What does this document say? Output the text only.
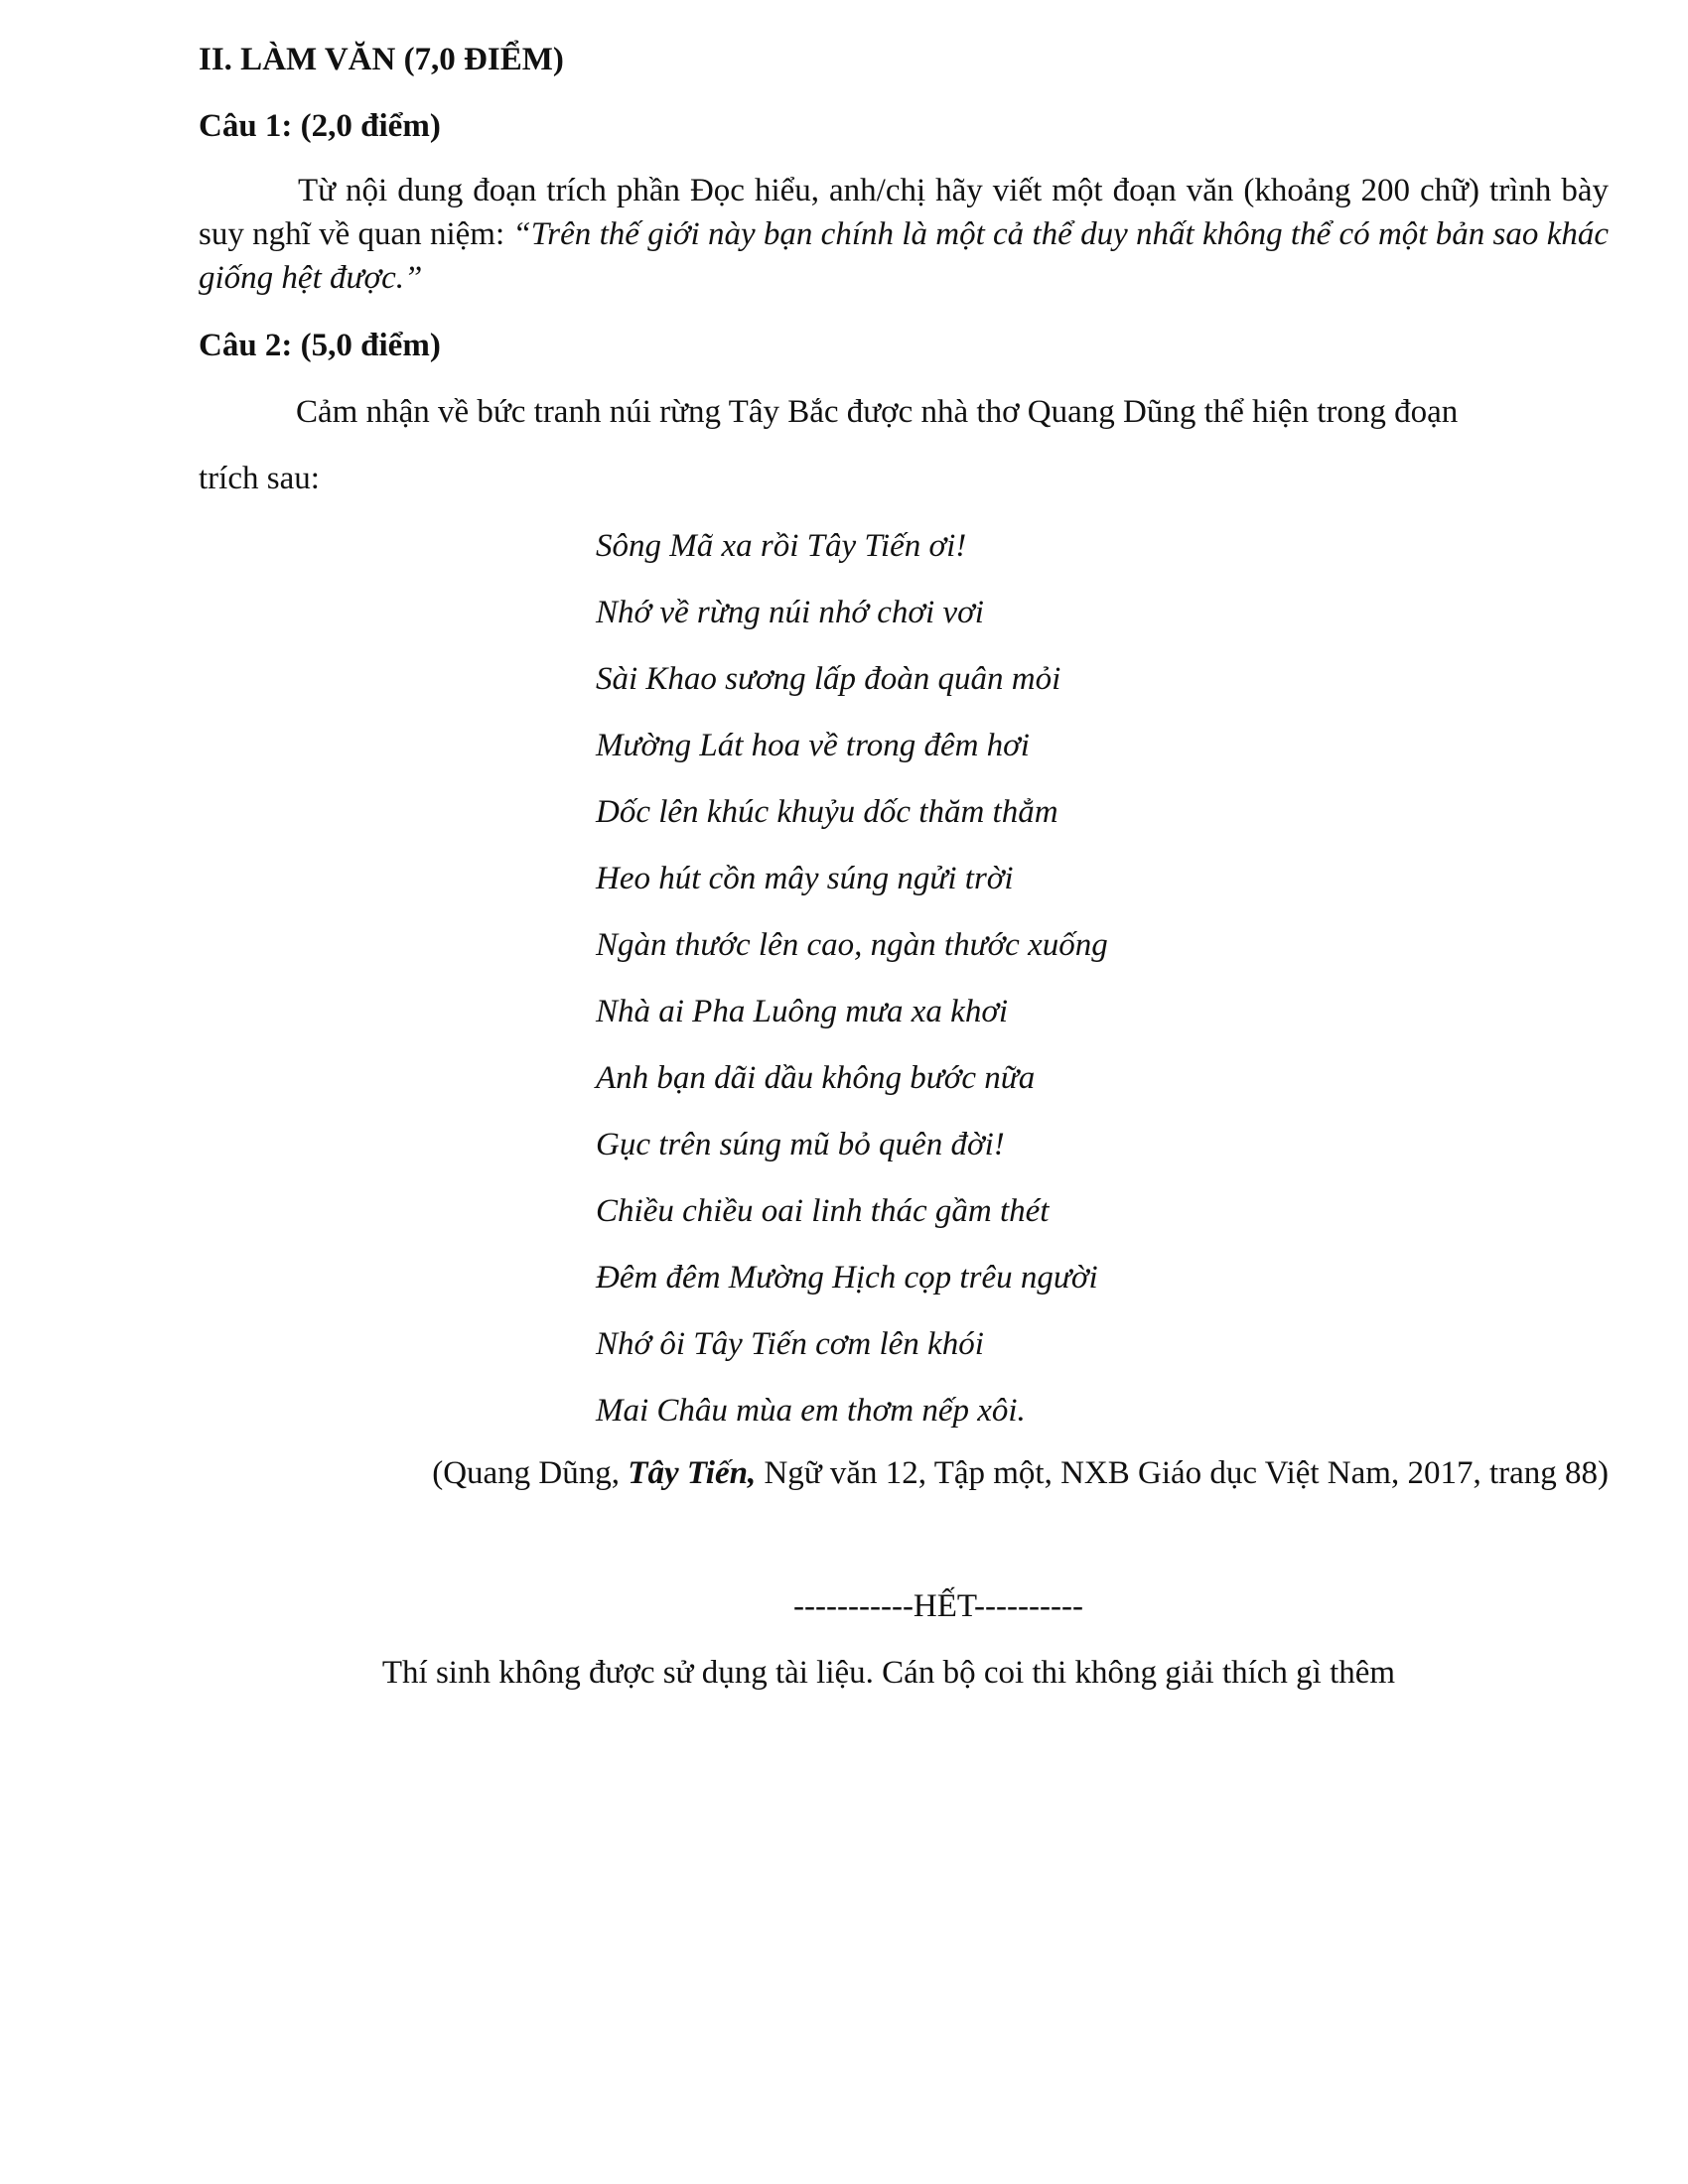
II. LÀM VĂN (7,0 ĐIỂM)
Câu 1: (2,0 điểm)
Từ nội dung đoạn trích phần Đọc hiểu, anh/chị hãy viết một đoạn văn (khoảng 200 chữ) trình bày suy nghĩ về quan niệm: “Trên thế giới này bạn chính là một cả thể duy nhất không thể có một bản sao khác giống hệt được.”
Câu 2: (5,0 điểm)
Cảm nhận về bức tranh núi rừng Tây Bắc được nhà thơ Quang Dũng thể hiện trong đoạn
trích sau:
Sông Mã xa rồi Tây Tiến ơi!
Nhớ về rừng núi nhớ chơi vơi
Sài Khao sương lấp đoàn quân mỏi
Mường Lát hoa về trong đêm hơi
Dốc lên khúc khuỷu dốc thăm thẳm
Heo hút cồn mây súng ngửi trời
Ngàn thước lên cao, ngàn thước xuống
Nhà ai Pha Luông mưa xa khơi
Anh bạn dãi dầu không bước nữa
Gục trên súng mũ bỏ quên đời!
Chiều chiều oai linh thác gầm thét
Đêm đêm Mường Hịch cọp trêu người
Nhớ ôi Tây Tiến cơm lên khói
Mai Châu mùa em thơm nếp xôi.
(Quang Dũng, Tây Tiến, Ngữ văn 12, Tập một, NXB Giáo dục Việt Nam, 2017, trang 88)
-----------HẾT----------
Thí sinh không được sử dụng tài liệu. Cán bộ coi thi không giải thích gì thêm
